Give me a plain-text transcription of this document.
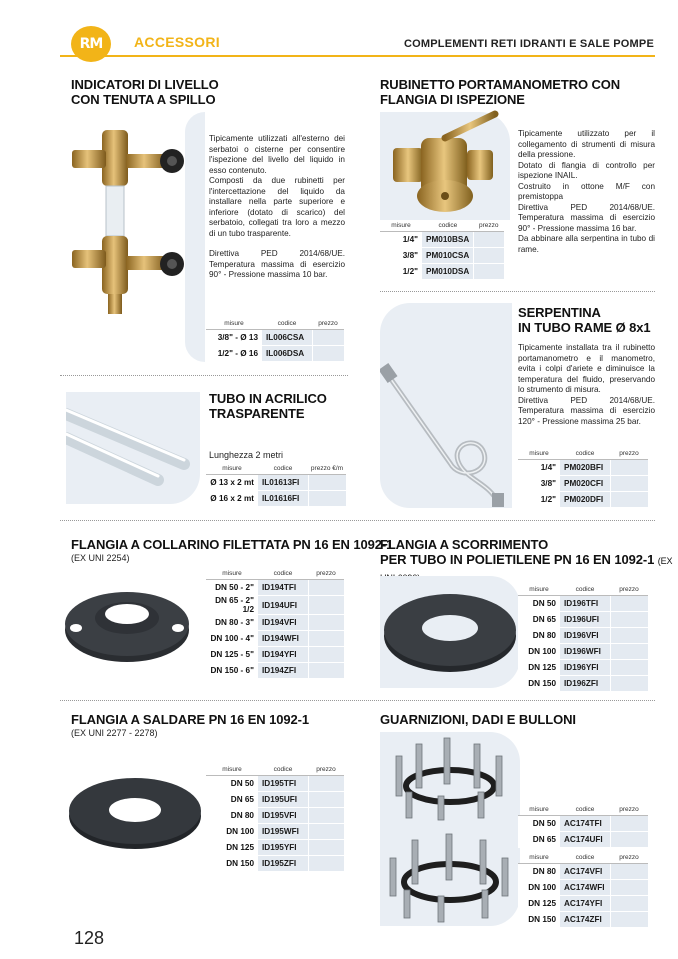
RM ACCESSORI	COMPLEMENTI RETI IDRANTI E SALE POMPE
INDICATORI DI LIVELLO
CON TENUTA A SPILLO

Tipicamente utilizzati all'esterno dei serbatoi o cisterne per consentire l'ispezione del livello del liquido in esso contenuto.

Composti da due rubinetti per l'intercettazione del liquido da installare nella parte superiore e inferiore (dotato di scarico) del serbatoio, collegati tra loro a mezzo di un tubo trasparente.

Direttiva PED 2014/68/UE. Temperatura massima di esercizio 90° - Pressione massima 10 bar.

misure	codice	prezzo
3/8" - Ø 13	IL006CSA	
1/2" - Ø 16	IL006DSA	
TUBO IN ACRILICO
TRASPARENTE
Lunghezza 2 metri
misure	codice	prezzo €/m
Ø 13 x 2 mt	IL01613FI	
Ø 16 x 2 mt	IL01616FI	
RUBINETTO PORTAMANOMETRO CON
FLANGIA DI ISPEZIONE

Tipicamente utilizzato per il collegamento di strumenti di misura della pressione.

Dotato di flangia di controllo per ispezione INAIL.

Costruito in ottone M/F con premistoppa

Direttiva PED 2014/68/UE. Temperatura massima di esercizio 90° - Pressione massima 16 bar.

Da abbinare alla serpentina in tubo di rame.

misure	codice	prezzo
1/4"	PM010BSA	
3/8"	PM010CSA	
1/2"	PM010DSA	
SERPENTINA
IN TUBO RAME Ø 8x1

Tipicamente installata tra il rubinetto portamanometro e il manometro, evita i colpi d'ariete e diminuisce la temperatura del fluido, preservando lo strumento di misura.

Direttiva PED 2014/68/UE. Temperatura massima di esercizio 120° - Pressione massima 25 bar.

misure	codice	prezzo
1/4"	PM020BFI	
3/8"	PM020CFI	
1/2"	PM020DFI	
FLANGIA A COLLARINO FILETTATA PN 16 EN 1092-1
(EX UNI 2254)
misure	codice	prezzo
DN 50 - 2"	ID194TFI	
DN 65 - 2" 1/2	ID194UFI	
DN 80 - 3"	ID194VFI	
DN 100 - 4"	ID194WFI	
DN 125 - 5"	ID194YFI	
DN 150 - 6"	ID194ZFI	
FLANGIA A SCORRIMENTO
PER TUBO IN POLIETILENE PN 16 EN 1092-1 (EX
misure	codice	prezzo
DN 50	ID196TFI	
DN 65	ID196UFI	
DN 80	ID196VFI	
DN 100	ID196WFI	
DN 125	ID196YFI	
DN 150	ID196ZFI	
FLANGIA A SALDARE PN 16 EN 1092-1
(EX UNI 2277 - 2278)
misure	codice	prezzo
DN 50	ID195TFI	
DN 65	ID195UFI	
DN 80	ID195VFI	
DN 100	ID195WFI	
DN 125	ID195YFI	
DN 150	ID195ZFI	
GUARNIZIONI, DADI E BULLONI
misure	codice	prezzo
DN 50	AC174TFI	
DN 65	AC174UFI	
misure	codice	prezzo
DN 80	AC174VFI	
DN 100	AC174WFI	
DN 125	AC174YFI	
DN 150	AC174ZFI	
128
